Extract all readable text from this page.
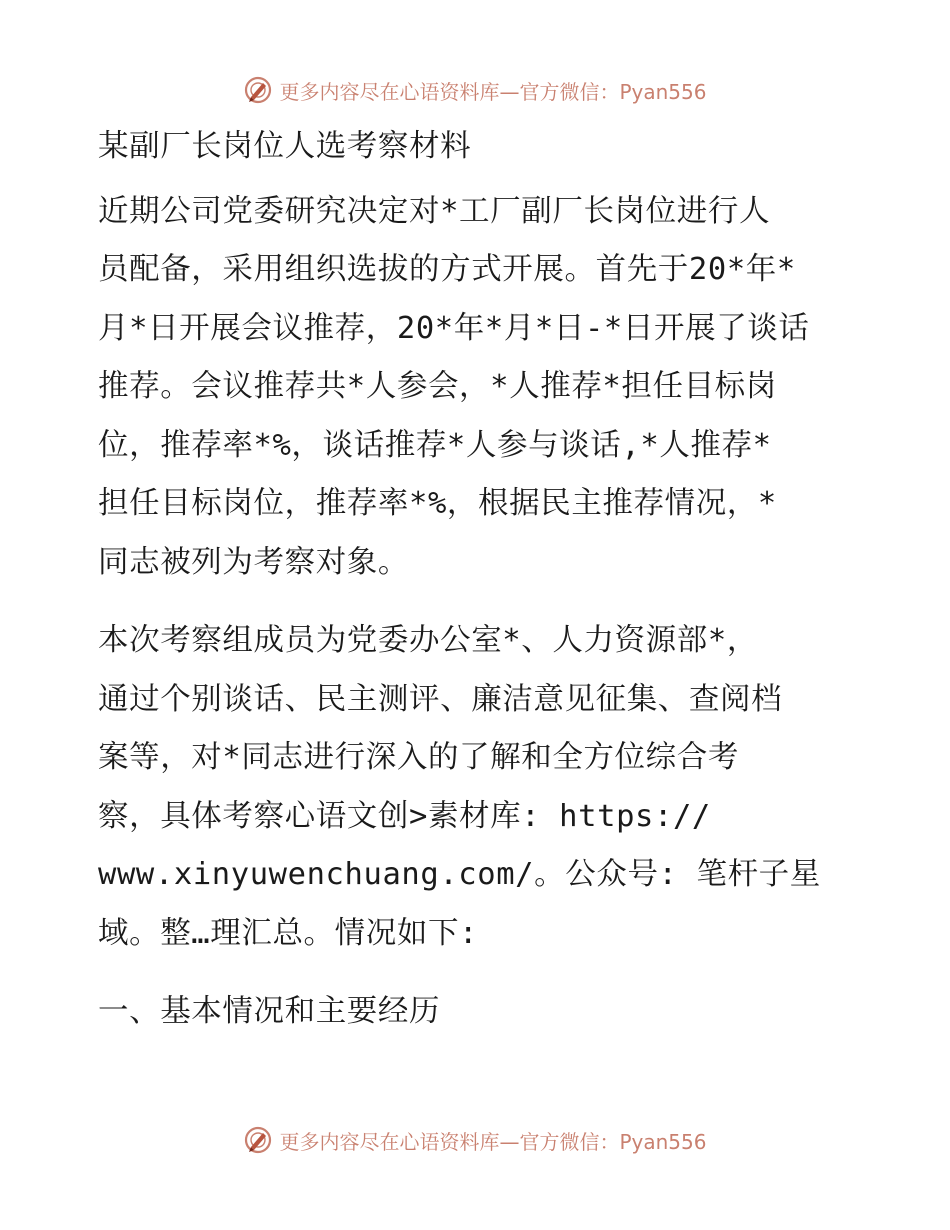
更多内容尽在心语资料库—官方微信：Pyan556
某副厂长岗位人选考察材料
近期公司党委研究决定对*工厂副厂长岗位进行人
员配备，采用组织选拔的方式开展。首先于20*年*
月*日开展会议推荐，20*年*月*日-*日开展了谈话
推荐。会议推荐共*人参会，*人推荐*担任目标岗
位，推荐率*%，谈话推荐*人参与谈话,*人推荐*
担任目标岗位，推荐率*%，根据民主推荐情况，*
同志被列为考察对象。
本次考察组成员为党委办公室*、人力资源部*，
通过个别谈话、民主测评、廉洁意见征集、查阅档
案等，对*同志进行深入的了解和全方位综合考
察，具体考察心语文创>素材库: https://
www.xinyuwenchuang.com/。公众号: 笔杆子星
域。整…理汇总。情况如下:
一、基本情况和主要经历
更多内容尽在心语资料库—官方微信：Pyan556
